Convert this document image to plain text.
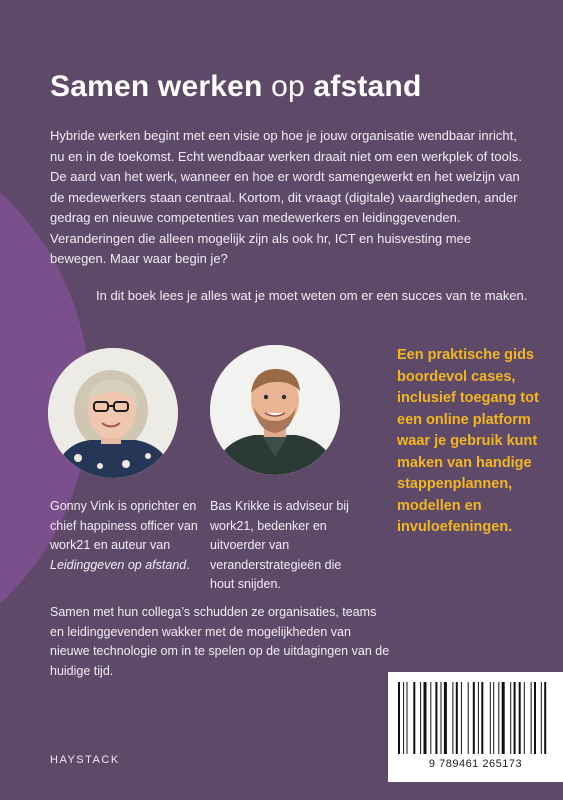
Samen werken op afstand

Hybride werken begint met een visie op hoe je jouw organisatie wendbaar inricht, nu en in de toekomst. Echt wendbaar werken draait niet om een werkplek of tools. De aard van het werk, wanneer en hoe er wordt samengewerkt en het welzijn van de medewerkers staan centraal. Kortom, dit vraagt (digitale) vaardigheden, ander gedrag en nieuwe competenties van medewerkers en leidinggevenden. Veranderingen die alleen mogelijk zijn als ook hr, ICT en huisvesting mee bewegen. Maar waar begin je?

In dit boek lees je alles wat je moet weten om er een succes van te maken.

Gonny Vink is oprichter en chief happiness officer van work21 en auteur van Leidinggeven op afstand.

Bas Krikke is adviseur bij work21, bedenker en uitvoerder van veranderstrategieën die hout snijden.

Een praktische gids boordevol cases, inclusief toegang tot een online platform waar je gebruik kunt maken van handige stappenplannen, modellen en invuloefeningen.

Samen met hun collega’s schudden ze organisaties, teams en leidinggevenden wakker met de mogelijkheden van nieuwe technologie om in te spelen op de uitdagingen van de huidige tijd.

HAYSTACK	9 789461 265173
